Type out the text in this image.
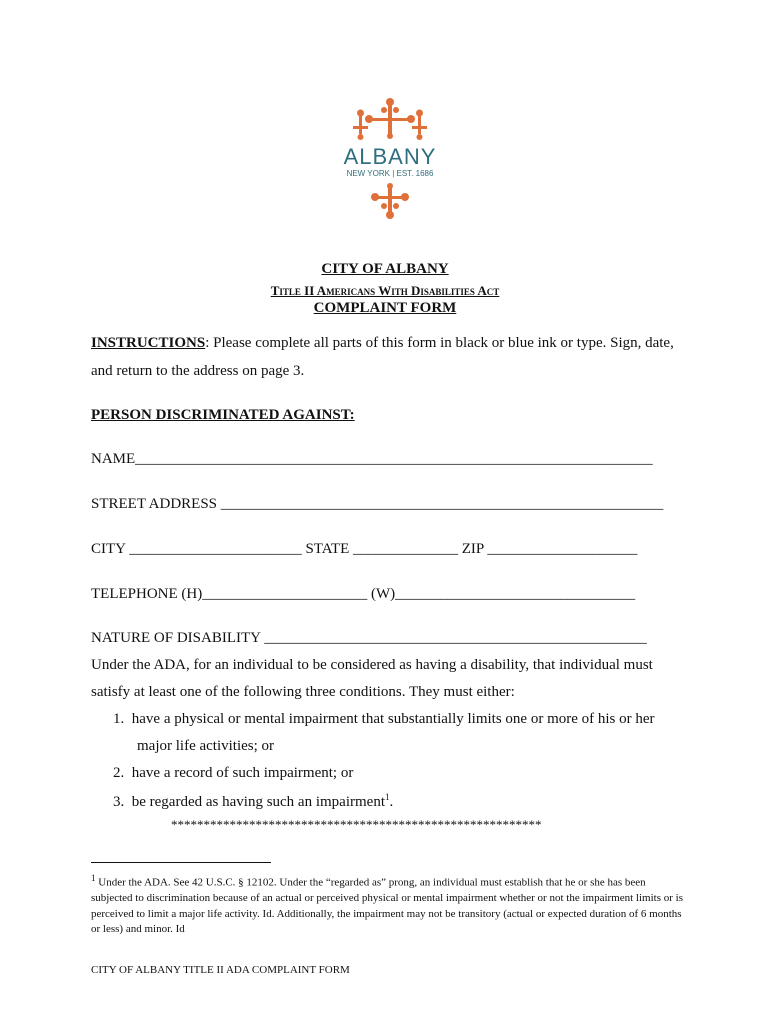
ALBANY
NEW YORK | EST. 1686
CITY OF ALBANY
Title II Americans With Disabilities Act
COMPLAINT FORM
INSTRUCTIONS: Please complete all parts of this form in black or blue ink or type. Sign, date,
and return to the address on page 3.
PERSON DISCRIMINATED AGAINST:
NAME_____________________________________________________________________
STREET ADDRESS ___________________________________________________________
CITY _______________________ STATE ______________ ZIP ____________________
TELEPHONE (H)______________________ (W)________________________________
NATURE OF DISABILITY ___________________________________________________
Under the ADA, for an individual to be considered as having a disability, that individual must
satisfy at least one of the following three conditions. They must either:
1. have a physical or mental impairment that substantially limits one or more of his or her
major life activities; or
2. have a record of such impairment; or
3. be regarded as having such an impairment$^1$.
*********************************************************
$^1$ Under the ADA. See 42 U.S.C. § 12102. Under the “regarded as” prong, an individual must establish that he or she has been subjected to discrimination because of an actual or perceived physical or mental impairment whether or not the impairment limits or is perceived to limit a major life activity. Id. Additionally, the impairment may not be transitory (actual or expected duration of 6 months or less) and minor. Id
CITY OF ALBANY TITLE II ADA COMPLAINT FORM
